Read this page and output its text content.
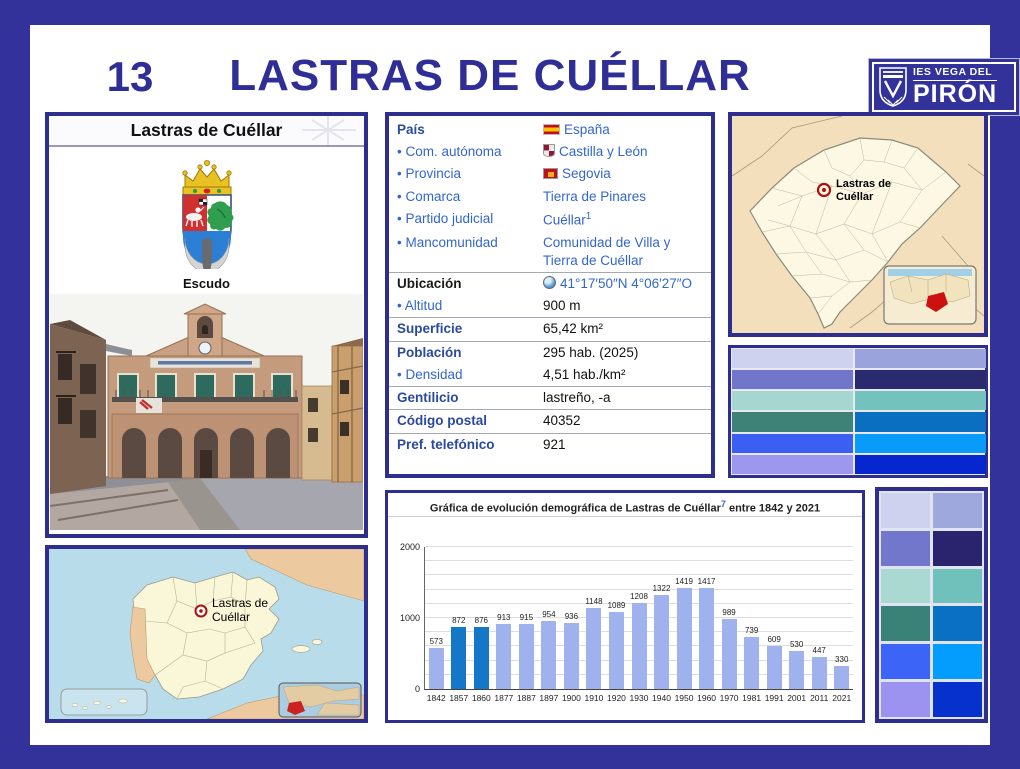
13	LASTRAS DE CUÉLLAR	IES VEGA DEL
PIRÓN
Lastras de Cuéllar
Escudo
Lastras de
Cuéllar
País	España
• Com. autónoma	Castilla y León
• Provincia	Segovia
• Comarca	Tierra de Pinares
• Partido judicial	Cuéllar$^1$
• Mancomunidad	Comunidad de Villa y Tierra de Cuéllar
Ubicación	41°17′50″N 4°06′27″O
• Altitud	900 m
Superficie	65,42 km²
Población	295 hab. (2025)
• Densidad	4,51 hab./km²
Gentilicio	lastreño, -a
Código postal	40352
Pref. telefónico	921
Gráfica de evolución demográfica de Lastras de Cuéllar$^7$ entre 1842 y 2021
573
1842
872
1857
876
1860
913
1877
915
1887
954
1897
936
1900
1148
1910
1089
1920
1208
1930
1322
1940
1419
1950
1417
1960
989
1970
739
1981
609
1991
530
2001
447
2011
330
2021
0
1000
2000
Lastras de
Cuéllar
